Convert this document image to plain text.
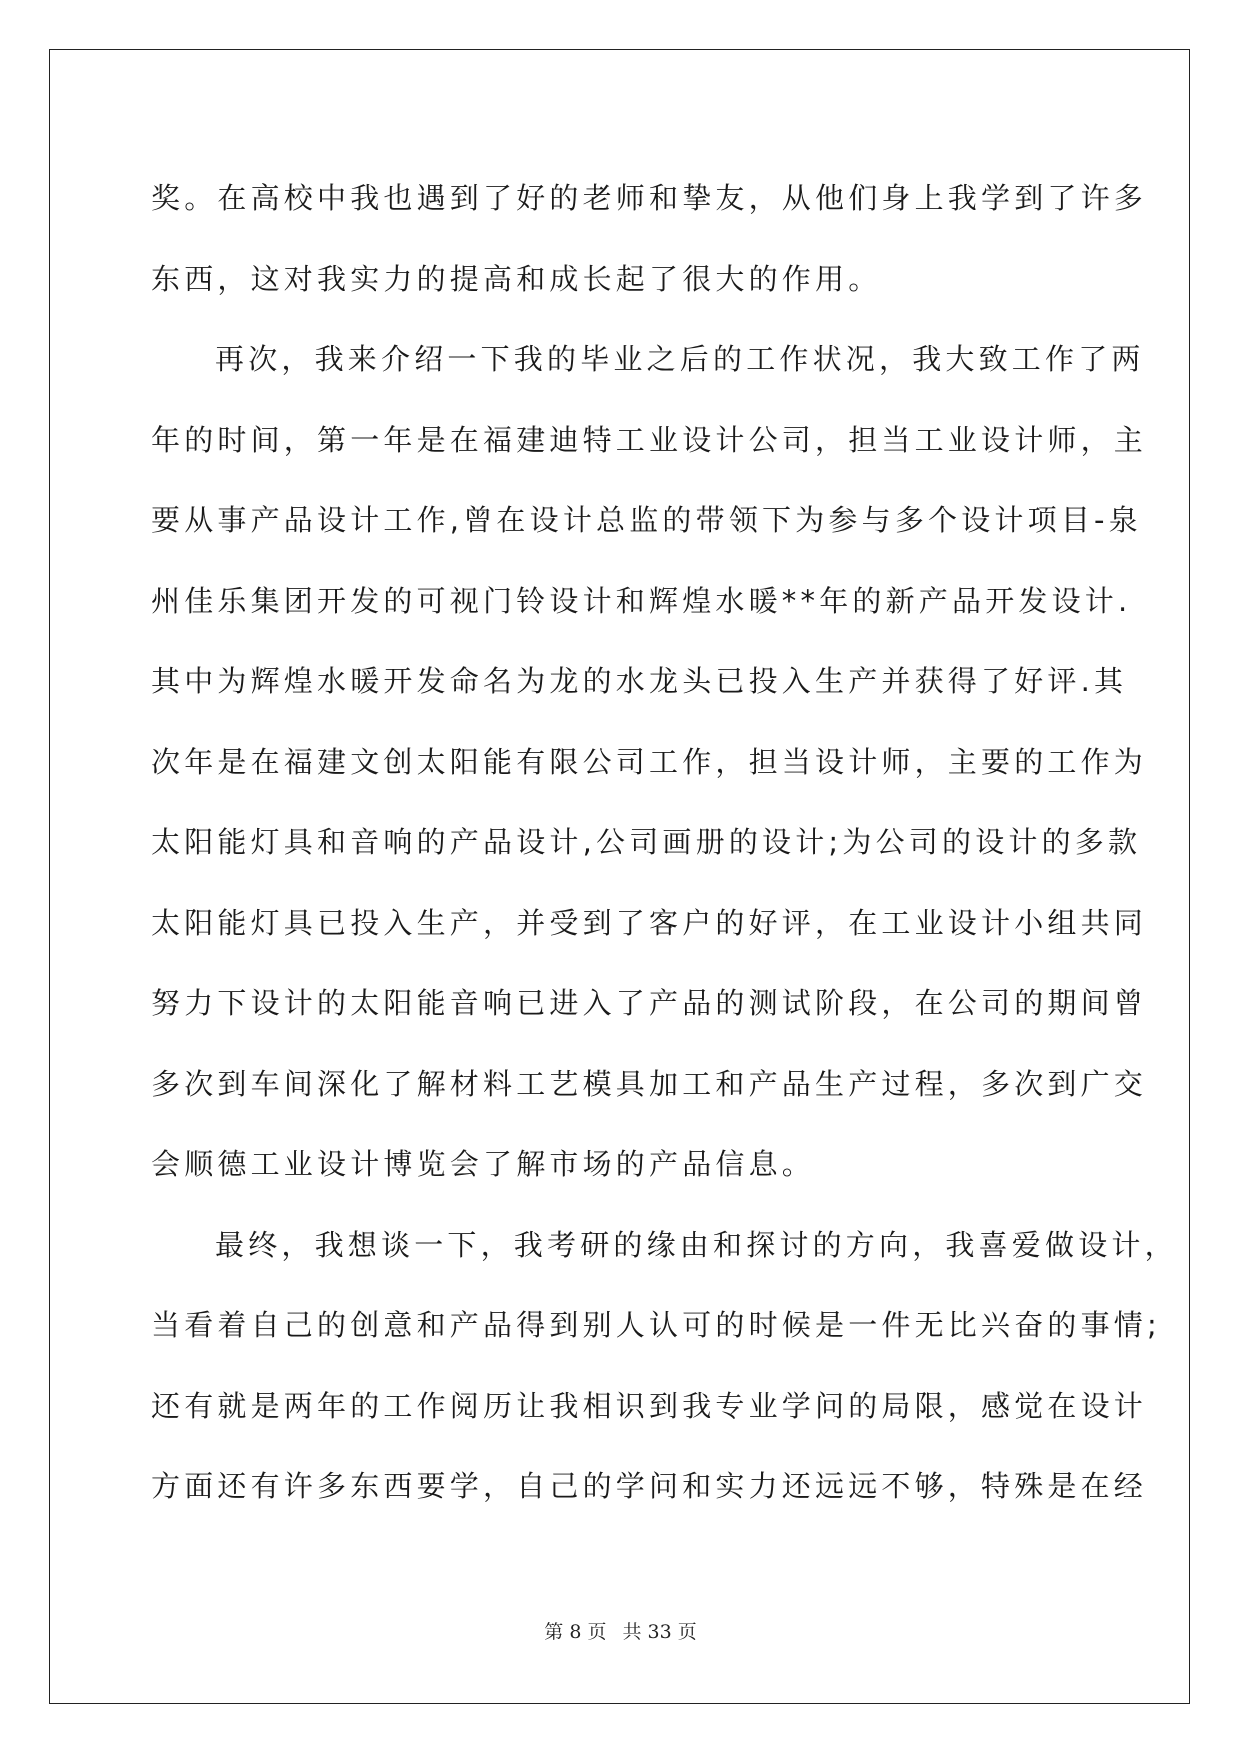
奖。在高校中我也遇到了好的老师和挚友，从他们身上我学到了许多
东西，这对我实力的提高和成长起了很大的作用。
再次，我来介绍一下我的毕业之后的工作状况，我大致工作了两
年的时间，第一年是在福建迪特工业设计公司，担当工业设计师，主
要从事产品设计工作,曾在设计总监的带领下为参与多个设计项目-泉
州佳乐集团开发的可视门铃设计和辉煌水暖**年的新产品开发设计.
其中为辉煌水暖开发命名为龙的水龙头已投入生产并获得了好评.其
次年是在福建文创太阳能有限公司工作，担当设计师，主要的工作为
太阳能灯具和音响的产品设计,公司画册的设计;为公司的设计的多款
太阳能灯具已投入生产，并受到了客户的好评，在工业设计小组共同
努力下设计的太阳能音响已进入了产品的测试阶段，在公司的期间曾
多次到车间深化了解材料工艺模具加工和产品生产过程，多次到广交
会顺德工业设计博览会了解市场的产品信息。
最终，我想谈一下，我考研的缘由和探讨的方向，我喜爱做设计，
当看着自己的创意和产品得到别人认可的时候是一件无比兴奋的事情;
还有就是两年的工作阅历让我相识到我专业学问的局限，感觉在设计
方面还有许多东西要学，自己的学问和实力还远远不够，特殊是在经
第 8 页 共 33 页
